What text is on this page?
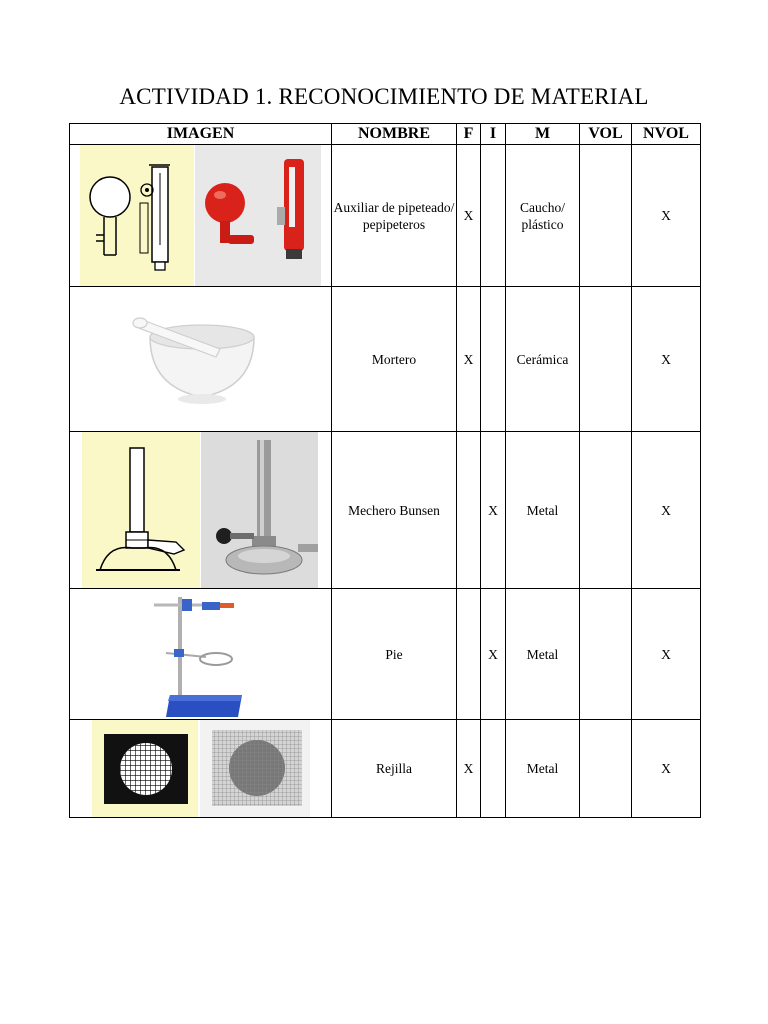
ACTIVIDAD 1. RECONOCIMIENTO DE MATERIAL
IMAGEN	NOMBRE	F	I	M	VOL	NVOL

	Auxiliar de pipeteado/ pepipeteros	X		Caucho/ plástico		X

	Mortero	X		Cerámica		X

	Mechero Bunsen		X	Metal		X

	Pie		X	Metal		X

	Rejilla	X		Metal		X
